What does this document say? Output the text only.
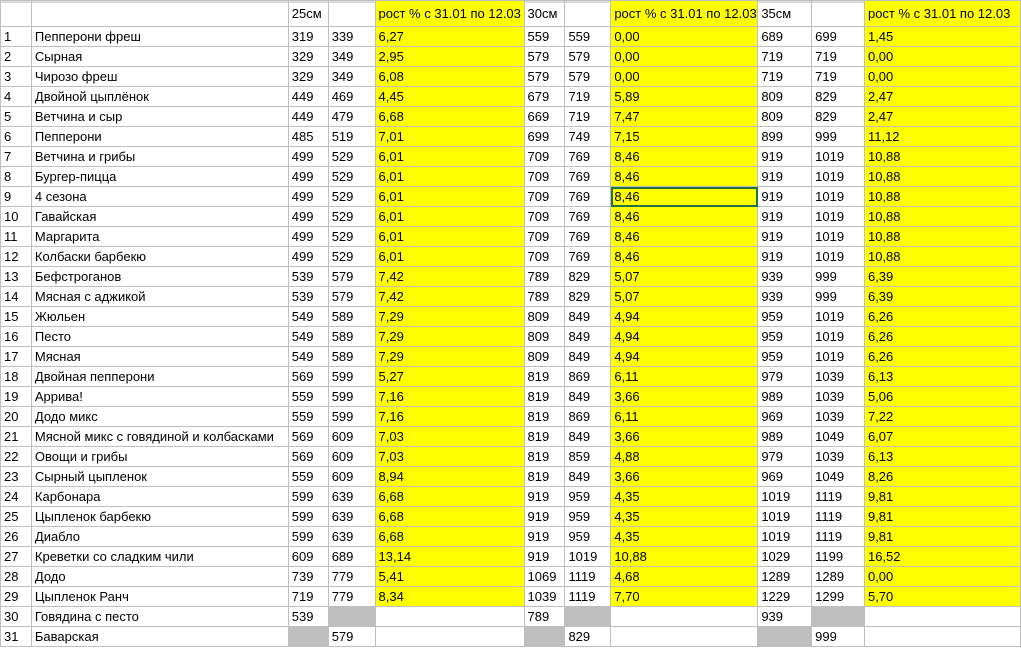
		25см		рост % с 31.01 по 12.03	30см		рост % с 31.01 по 12.03	35см		рост % с 31.01 по 12.03
1	Пепперони фреш	319	339	6,27	559	559	0,00	689	699	1,45
2	Сырная	329	349	2,95	579	579	0,00	719	719	0,00
3	Чирозо фреш	329	349	6,08	579	579	0,00	719	719	0,00
4	Двойной цыплёнок	449	469	4,45	679	719	5,89	809	829	2,47
5	Ветчина и сыр	449	479	6,68	669	719	7,47	809	829	2,47
6	Пепперони	485	519	7,01	699	749	7,15	899	999	11,12
7	Ветчина и грибы	499	529	6,01	709	769	8,46	919	1019	10,88
8	Бургер-пицца	499	529	6,01	709	769	8,46	919	1019	10,88
9	4 сезона	499	529	6,01	709	769	8,46	919	1019	10,88
10	Гавайская	499	529	6,01	709	769	8,46	919	1019	10,88
11	Маргарита	499	529	6,01	709	769	8,46	919	1019	10,88
12	Колбаски барбекю	499	529	6,01	709	769	8,46	919	1019	10,88
13	Бефстроганов	539	579	7,42	789	829	5,07	939	999	6,39
14	Мясная с аджикой	539	579	7,42	789	829	5,07	939	999	6,39
15	Жюльен	549	589	7,29	809	849	4,94	959	1019	6,26
16	Песто	549	589	7,29	809	849	4,94	959	1019	6,26
17	Мясная	549	589	7,29	809	849	4,94	959	1019	6,26
18	Двойная пепперони	569	599	5,27	819	869	6,11	979	1039	6,13
19	Аррива!	559	599	7,16	819	849	3,66	989	1039	5,06
20	Додо микс	559	599	7,16	819	869	6,11	969	1039	7,22
21	Мясной микс с говядиной и колбасками	569	609	7,03	819	849	3,66	989	1049	6,07
22	Овощи и грибы	569	609	7,03	819	859	4,88	979	1039	6,13
23	Сырный цыпленок	559	609	8,94	819	849	3,66	969	1049	8,26
24	Карбонара	599	639	6,68	919	959	4,35	1019	1119	9,81
25	Цыпленок барбекю	599	639	6,68	919	959	4,35	1019	1119	9,81
26	Диабло	599	639	6,68	919	959	4,35	1019	1119	9,81
27	Креветки со сладким чили	609	689	13,14	919	1019	10,88	1029	1199	16,52
28	Додо	739	779	5,41	1069	1119	4,68	1289	1289	0,00
29	Цыпленок Ранч	719	779	8,34	1039	1119	7,70	1229	1299	5,70
30	Говядина с песто	539			789			939		
31	Баварская		579			829			999	
